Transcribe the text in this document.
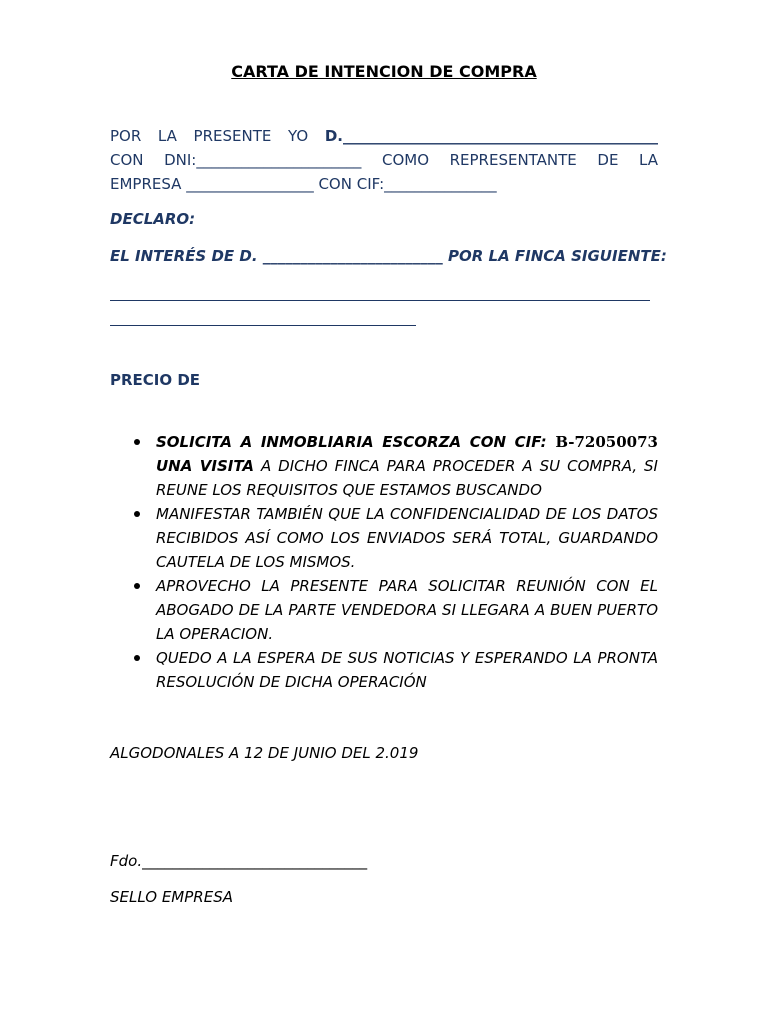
CARTA DE INTENCION DE COMPRA
POR LA PRESENTE YO D.__________________________________________
CON DNI:______________________ COMO REPRESENTANTE DE LA
EMPRESA _________________ CON CIF:_______________
DECLARO:
EL INTERÉS DE D. ________________________ POR LA FINCA SIGUIENTE:
PRECIO DE
SOLICITA A INMOBLIARIA ESCORZA CON CIF: B-72050073 UNA VISITA A DICHO FINCA PARA PROCEDER A SU COMPRA, SI REUNE LOS REQUISITOS QUE ESTAMOS BUSCANDO
MANIFESTAR TAMBIÉN QUE LA CONFIDENCIALIDAD DE LOS DATOS RECIBIDOS ASÍ COMO LOS ENVIADOS SERÁ TOTAL, GUARDANDO CAUTELA DE LOS MISMOS.
APROVECHO LA PRESENTE PARA SOLICITAR REUNIÓN CON EL ABOGADO DE LA PARTE VENDEDORA SI LLEGARA A BUEN PUERTO LA OPERACION.
QUEDO A LA ESPERA DE SUS NOTICIAS Y ESPERANDO LA PRONTA RESOLUCIÓN DE DICHA OPERACIÓN
ALGODONALES A 12 DE JUNIO DEL 2.019
Fdo.______________________________
SELLO EMPRESA
